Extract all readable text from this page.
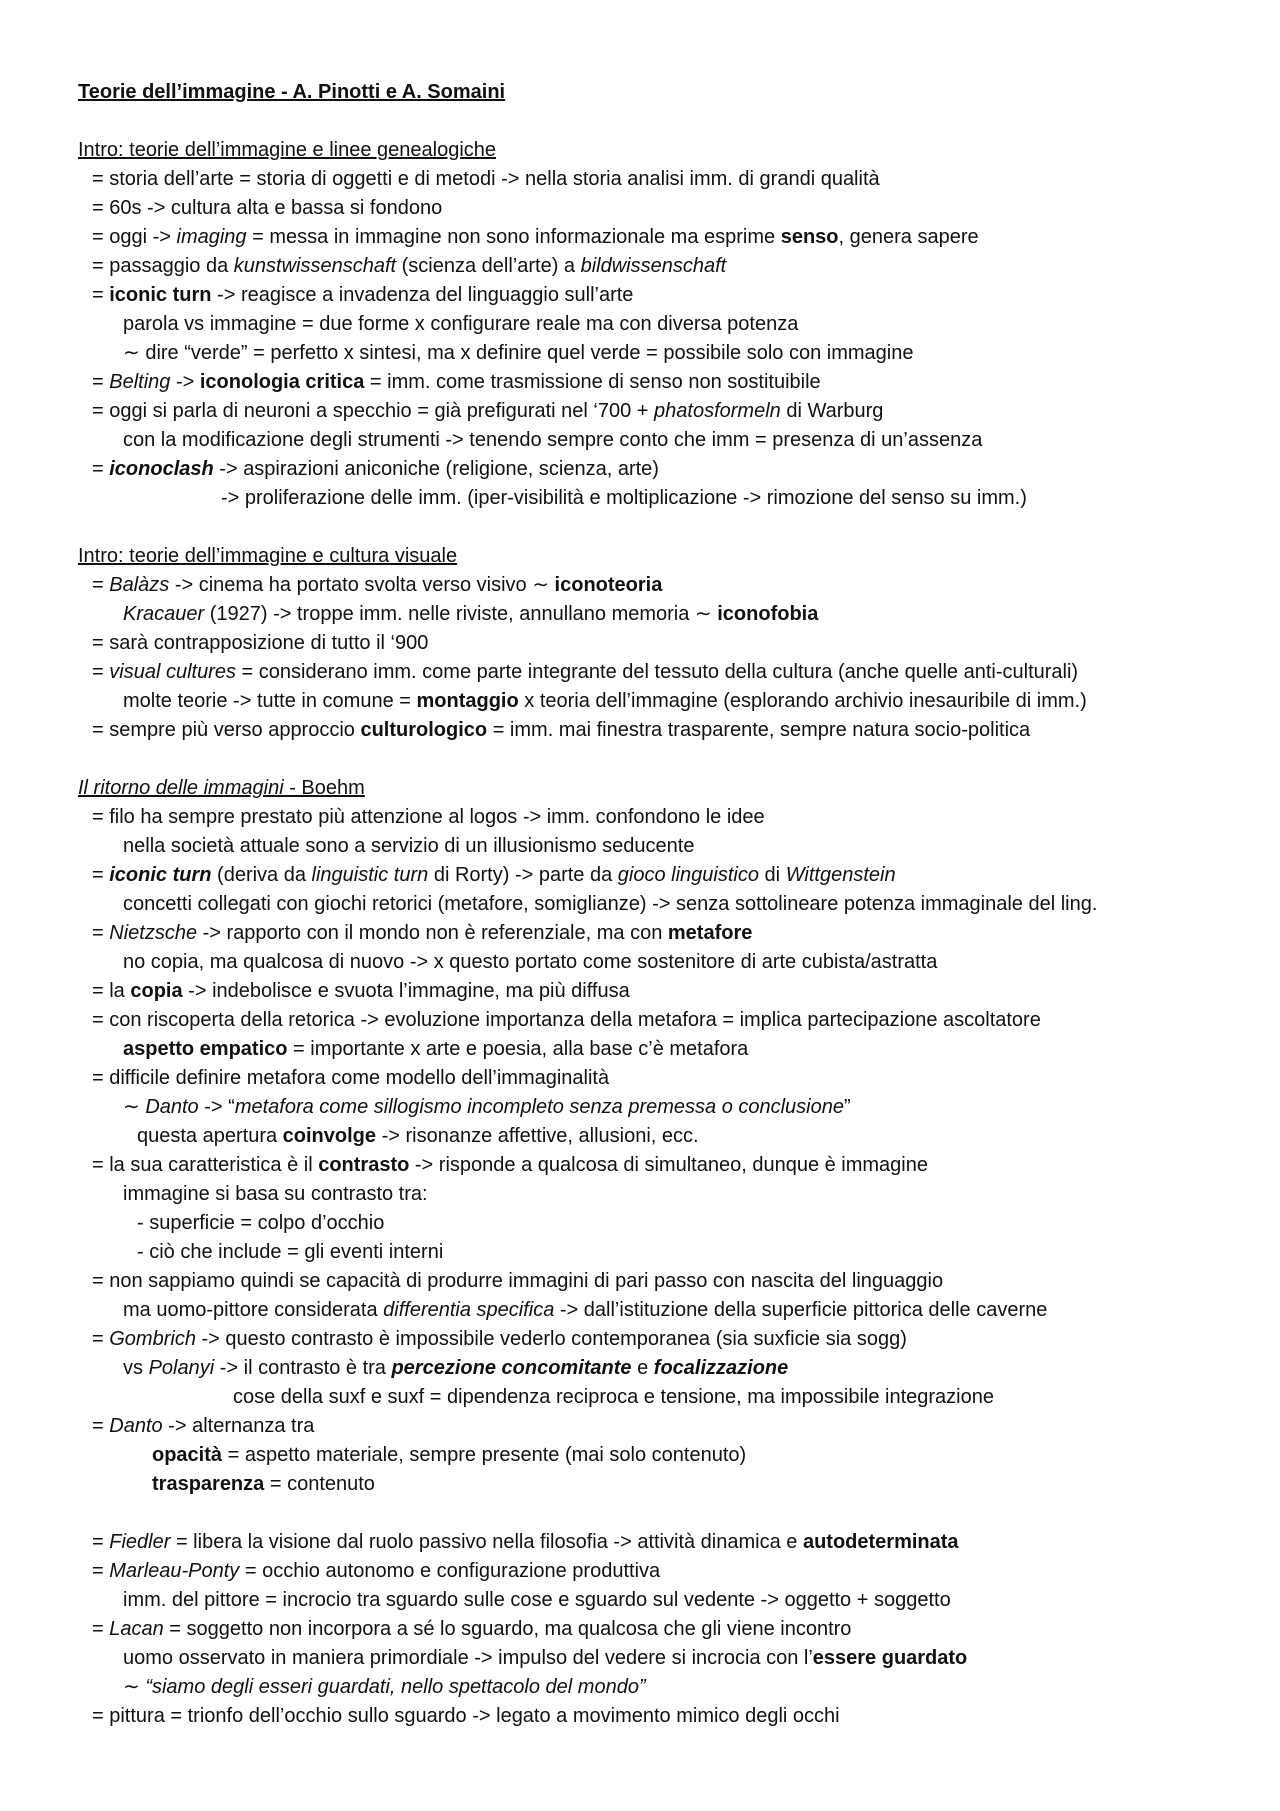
Teorie dell’immagine - A. Pinotti e A. Somaini
Intro: teorie dell’immagine e linee genealogiche
= storia dell’arte = storia di oggetti e di metodi -> nella storia analisi imm. di grandi qualità
= 60s -> cultura alta e bassa si fondono
= oggi -> imaging = messa in immagine non sono informazionale ma esprime senso, genera sapere
= passaggio da kunstwissenschaft (scienza dell’arte) a bildwissenschaft
= iconic turn -> reagisce a invadenza del linguaggio sull’arte
parola vs immagine = due forme x configurare reale ma con diversa potenza
∼ dire “verde” = perfetto x sintesi, ma x definire quel verde = possibile solo con immagine
= Belting -> iconologia critica = imm. come trasmissione di senso non sostituibile
= oggi si parla di neuroni a specchio = già prefigurati nel ‘700 + phatosformeln di Warburg
con la modificazione degli strumenti -> tenendo sempre conto che imm = presenza di un’assenza
= iconoclash -> aspirazioni aniconiche (religione, scienza, arte)
-> proliferazione delle imm. (iper-visibilità e moltiplicazione -> rimozione del senso su imm.)
Intro: teorie dell’immagine e cultura visuale
= Balàzs -> cinema ha portato svolta verso visivo ∼ iconoteoria
Kracauer (1927) -> troppe imm. nelle riviste, annullano memoria ∼ iconofobia
= sarà contrapposizione di tutto il ‘900
= visual cultures = considerano imm. come parte integrante del tessuto della cultura (anche quelle anti-culturali)
molte teorie -> tutte in comune = montaggio x teoria dell’immagine (esplorando archivio inesauribile di imm.)
= sempre più verso approccio culturologico = imm. mai finestra trasparente, sempre natura socio-politica
Il ritorno delle immagini - Boehm
= filo ha sempre prestato più attenzione al logos -> imm. confondono le idee
nella società attuale sono a servizio di un illusionismo seducente
= iconic turn (deriva da linguistic turn di Rorty) -> parte da gioco linguistico di Wittgenstein
concetti collegati con giochi retorici (metafore, somiglianze) -> senza sottolineare potenza immaginale del ling.
= Nietzsche -> rapporto con il mondo non è referenziale, ma con metafore
no copia, ma qualcosa di nuovo -> x questo portato come sostenitore di arte cubista/astratta
= la copia -> indebolisce e svuota l’immagine, ma più diffusa
= con riscoperta della retorica -> evoluzione importanza della metafora = implica partecipazione ascoltatore
aspetto empatico = importante x arte e poesia, alla base c’è metafora
= difficile definire metafora come modello dell’immaginalità
∼ Danto -> “metafora come sillogismo incompleto senza premessa o conclusione”
questa apertura coinvolge -> risonanze affettive, allusioni, ecc.
= la sua caratteristica è il contrasto -> risponde a qualcosa di simultaneo, dunque è immagine
immagine si basa su contrasto tra:
- superficie = colpo d’occhio
- ciò che include = gli eventi interni
= non sappiamo quindi se capacità di produrre immagini di pari passo con nascita del linguaggio
ma uomo-pittore considerata differentia specifica -> dall’istituzione della superficie pittorica delle caverne
= Gombrich -> questo contrasto è impossibile vederlo contemporanea (sia suxficie sia sogg)
vs Polanyi -> il contrasto è tra percezione concomitante e focalizzazione
cose della suxf e suxf = dipendenza reciproca e tensione, ma impossibile integrazione
= Danto -> alternanza tra
opacità = aspetto materiale, sempre presente (mai solo contenuto)
trasparenza = contenuto
= Fiedler = libera la visione dal ruolo passivo nella filosofia -> attività dinamica e autodeterminata
= Marleau-Ponty = occhio autonomo e configurazione produttiva
imm. del pittore = incrocio tra sguardo sulle cose e sguardo sul vedente -> oggetto + soggetto
= Lacan = soggetto non incorpora a sé lo sguardo, ma qualcosa che gli viene incontro
uomo osservato in maniera primordiale -> impulso del vedere si incrocia con l’essere guardato
∼ “siamo degli esseri guardati, nello spettacolo del mondo”
= pittura = trionfo dell’occhio sullo sguardo -> legato a movimento mimico degli occhi
